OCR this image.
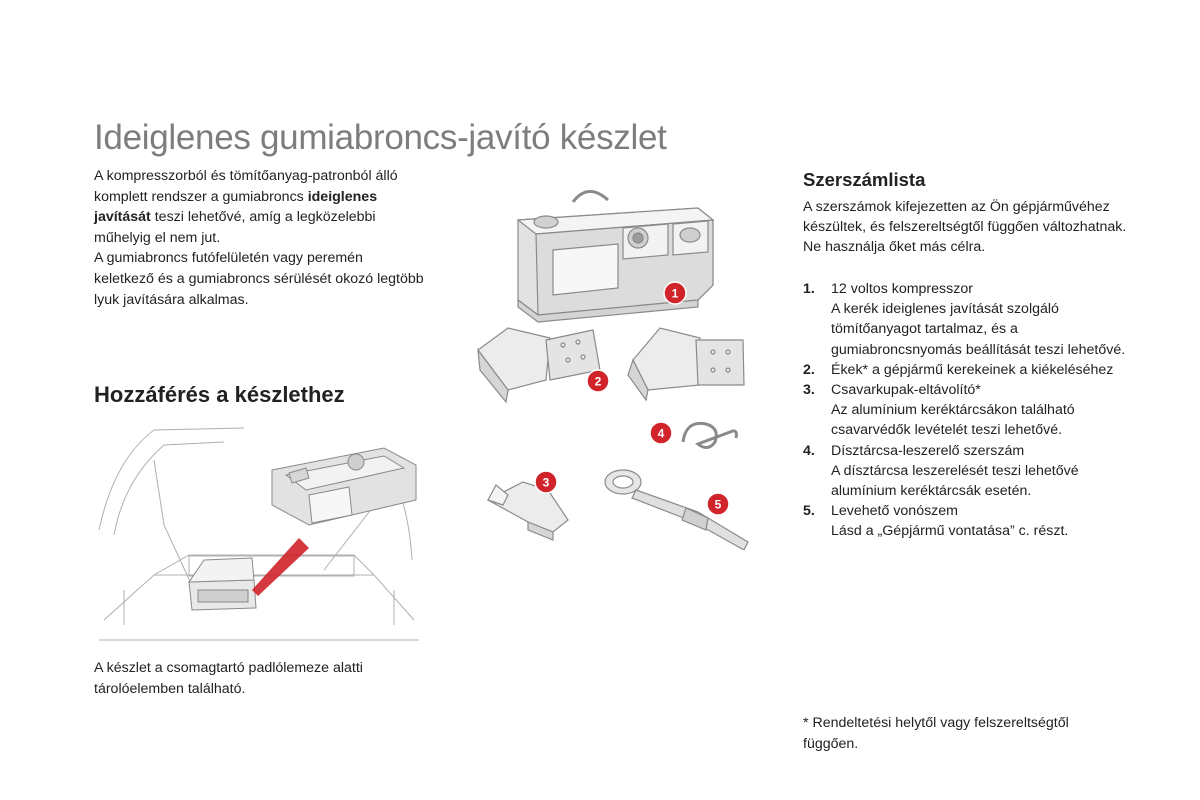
Ideiglenes gumiabroncs-javító készlet

A kompresszorból és tömítőanyag-patronból álló komplett rendszer a gumiabroncs ideiglenes javítását teszi lehetővé, amíg a legközelebbi műhelyig el nem jut.

A gumiabroncs futófelületén vagy peremén keletkező és a gumiabroncs sérülését okozó legtöbb lyuk javítására alkalmas.	1
2
3
4
5
Hozzáférés a készlethez
A készlet a csomagtartó padlólemeze alatti tárolóelemben található.
Szerszámlista
A szerszámok kifejezetten az Ön gépjárművéhez készültek, és felszereltségtől függően változhatnak. Ne használja őket más célra.
1. 12 voltos kompresszor
A kerék ideiglenes javítását szolgáló tömítőanyagot tartalmaz, és a gumiabroncsnyomás beállítását teszi lehetővé.
2. Ékek* a gépjármű kerekeinek a kiékeléséhez
3. Csavarkupak-eltávolító*
Az alumínium keréktárcsákon található csavarvédők levételét teszi lehetővé.
4. Dísztárcsa-leszerelő szerszám
A dísztárcsa leszerelését teszi lehetővé alumínium keréktárcsák esetén.
5. Levehető vonószem
Lásd a „Gépjármű vontatása” c. részt.
* Rendeltetési helytől vagy felszereltségtől függően.
